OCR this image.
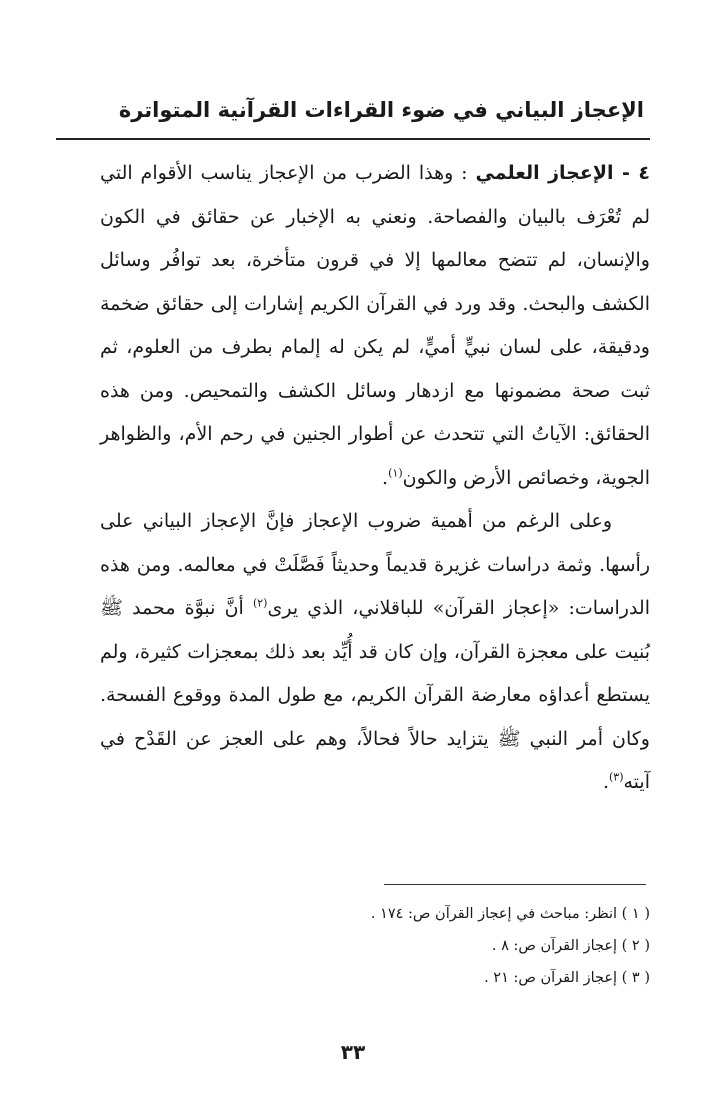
الإعجاز البياني في ضوء القراءات القرآنية المتواترة

٤ - الإعجاز العلمي : وهذا الضرب من الإعجاز يناسب الأقوام التي لم تُعْرَف بالبيان والفصاحة. ونعني به الإخبار عن حقائق في الكون والإنسان، لم تتضح معالمها إلا في قرون متأخرة، بعد توافُر وسائل الكشف والبحث. وقد ورد في القرآن الكريم إشارات إلى حقائق ضخمة ودقيقة، على لسان نبيٍّ أميٍّ، لم يكن له إلمام بطرف من العلوم، ثم ثبت صحة مضمونها مع ازدهار وسائل الكشف والتمحيص. ومن هذه الحقائق: الآياتُ التي تتحدث عن أطوار الجنين في رحم الأم، والظواهر الجوية، وخصائص الأرض والكون$^{(١)}$.

وعلى الرغم من أهمية ضروب الإعجاز فإنَّ الإعجاز البياني على رأسها. وثمة دراسات غزيرة قديماً وحديثاً فَصَّلَتْ في معالمه. ومن هذه الدراسات: «إعجاز القرآن» للباقلاني، الذي يرى$^{(٢)}$ أنَّ نبوَّة محمد ﷺ بُنيت على معجزة القرآن، وإن كان قد أُيِّد بعد ذلك بمعجزات كثيرة، ولم يستطع أعداؤه معارضة القرآن الكريم، مع طول المدة ووقوع الفسحة. وكان أمر النبي ﷺ يتزايد حالاً فحالاً، وهم على العجز عن القَدْح في آيته$^{(٣)}$.

( ١ ) انظر: مباحث في إعجاز القرآن ص: ١٧٤ .
( ٢ ) إعجاز القرآن ص: ٨ .
( ٣ ) إعجاز القرآن ص: ٢١ .
٣٣
